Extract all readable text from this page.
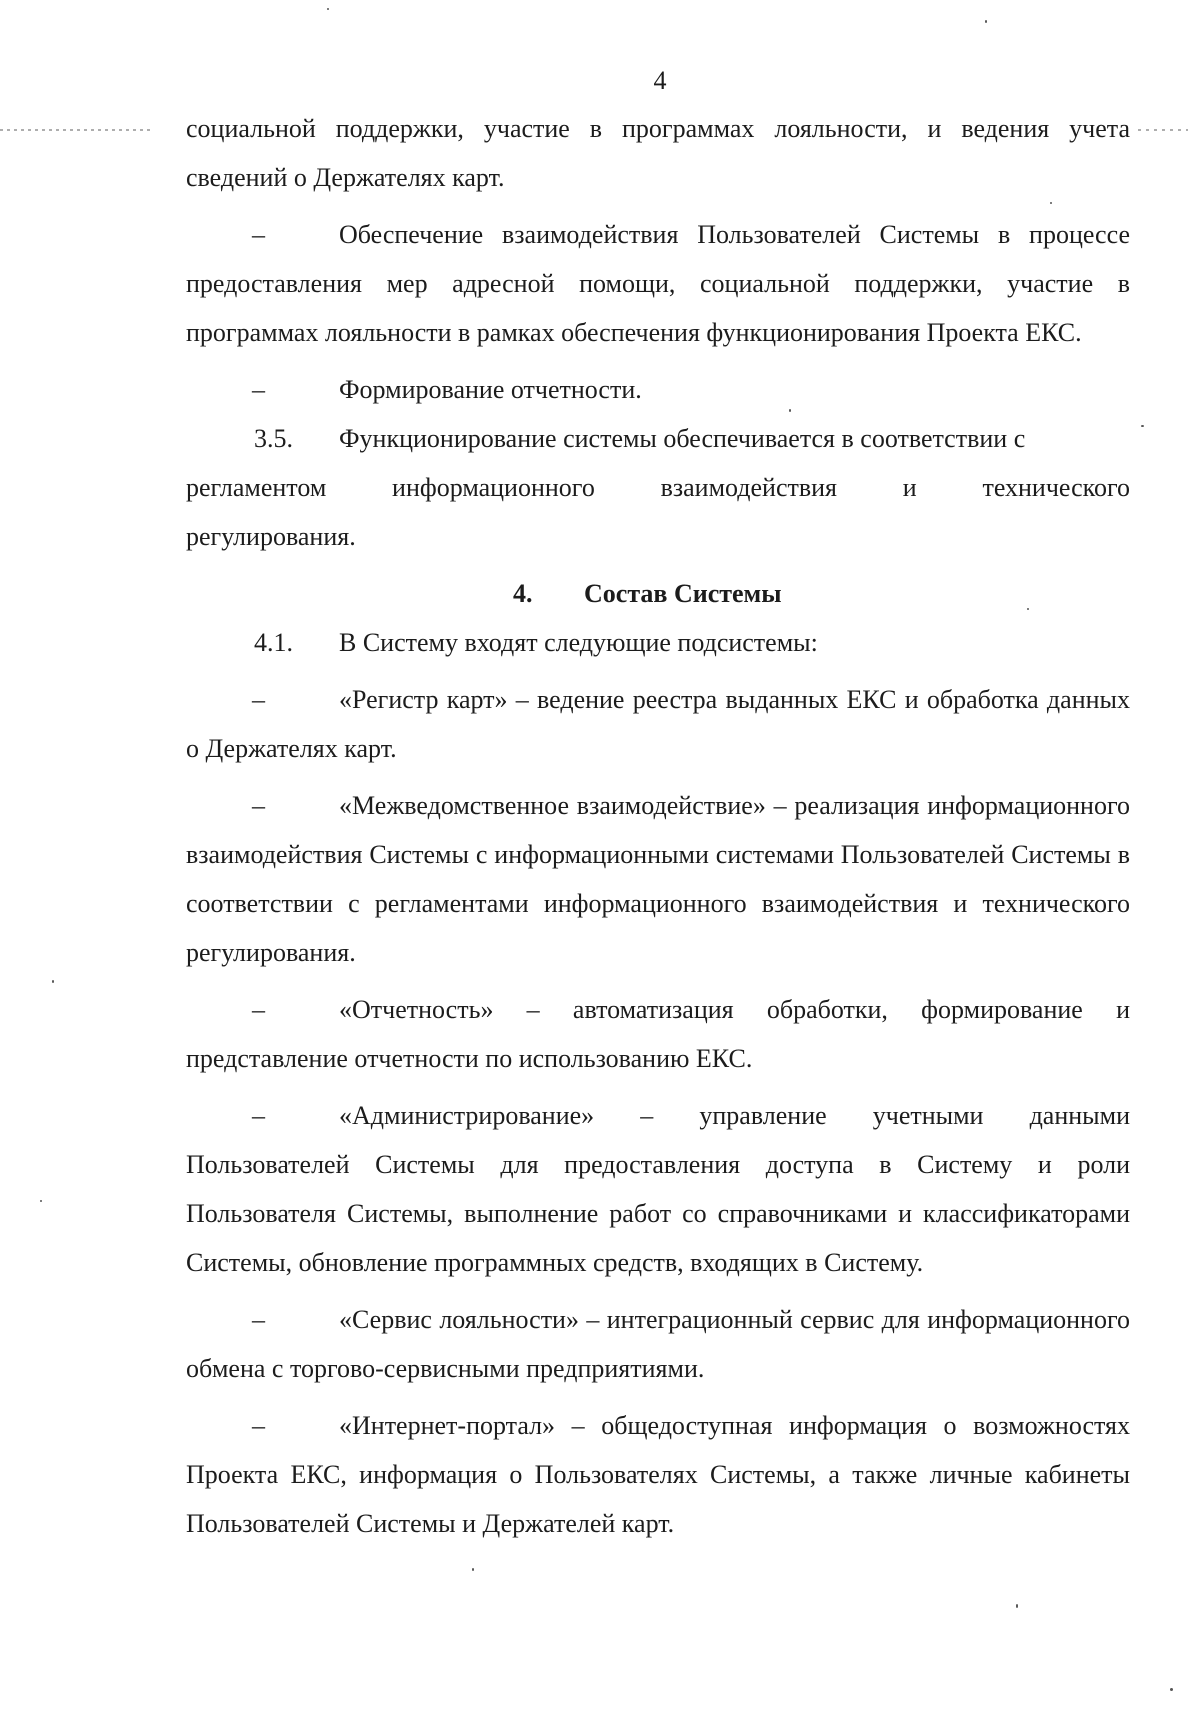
4

социальной поддержки, участие в программах лояльности, и ведения учета сведений о Держателях карт.

–	Обеспечение взаимодействия Пользователей Системы в процессе предоставления мер адресной помощи, социальной поддержки, участие в программах лояльности в рамках обеспечения функционирования Проекта ЕКС.

–	Формирование отчетности.

3.5. Функционирование системы обеспечивается в соответствии с

регламентом	информационного	взаимодействия	и	технического

регулирования.

4. Состав Системы

4.1. В Систему входят следующие подсистемы:

–	«Регистр карт» – ведение реестра выданных ЕКС и обработка данных о Держателях карт.

–	«Межведомственное взаимодействие» – реализация информационного взаимодействия Системы с информационными системами Пользователей Системы в соответствии с регламентами информационного взаимодействия и технического регулирования.

–	«Отчетность» – автоматизация обработки, формирование и представление отчетности по использованию ЕКС.

–	«Администрирование» – управление учетными данными Пользователей Системы для предоставления доступа в Систему и роли Пользователя Системы, выполнение работ со справочниками и классификаторами Системы, обновление программных средств, входящих в Систему.

–	«Сервис лояльности» – интеграционный сервис для информационного обмена с торгово-сервисными предприятиями.

–	«Интернет-портал» – общедоступная информация о возможностях Проекта ЕКС, информация о Пользователях Системы, а также личные кабинеты Пользователей Системы и Держателей карт.
